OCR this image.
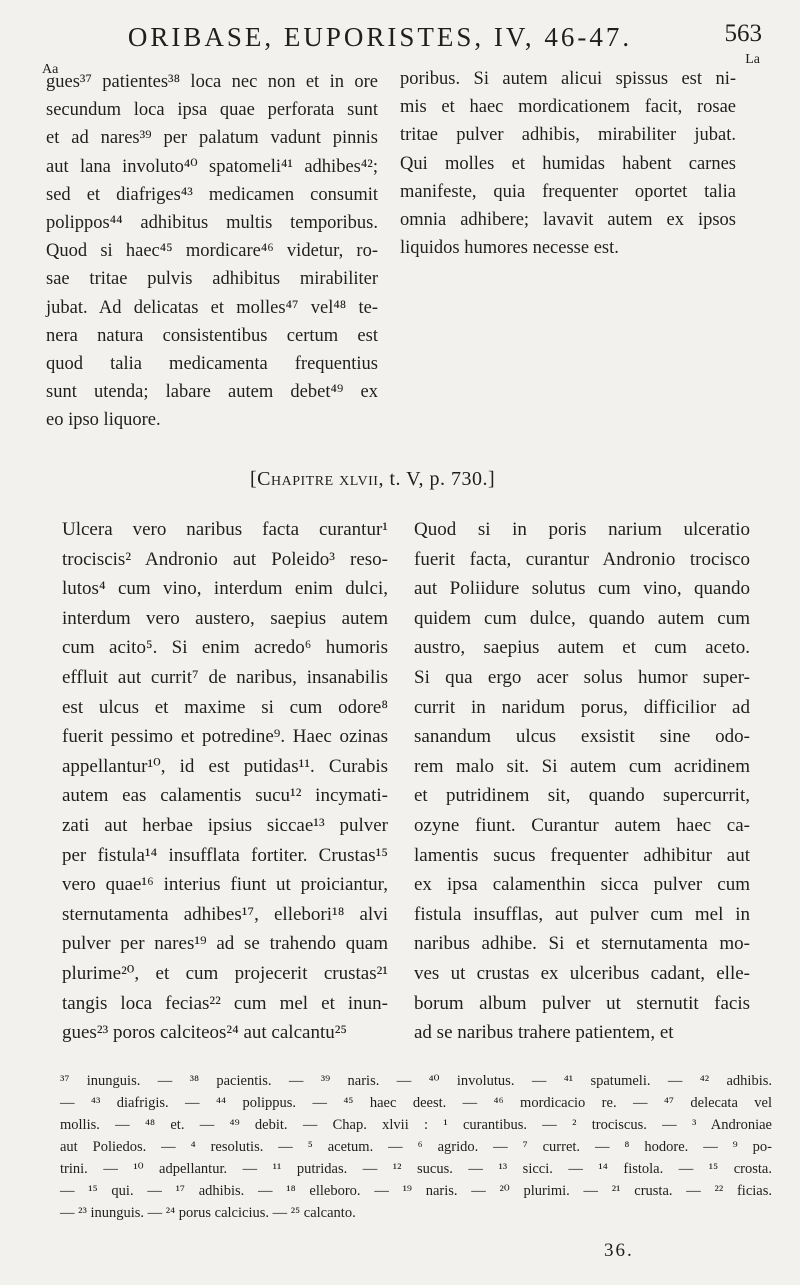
ORIBASE, EUPORISTES, IV, 46-47.	563
Aa
La
gues³⁷ patientes³⁸ loca nec non et in ore
secundum loca ipsa quae perforata sunt
et ad nares³⁹ per palatum vadunt pinnis
aut lana involuto⁴⁰ spatomeli⁴¹ adhibes⁴²;
sed et diafriges⁴³ medicamen consumit
polippos⁴⁴ adhibitus multis temporibus.
Quod si haec⁴⁵ mordicare⁴⁶ videtur, ro-
sae tritae pulvis adhibitus mirabiliter
jubat. Ad delicatas et molles⁴⁷ vel⁴⁸ te-
nera natura consistentibus certum est
quod talia medicamenta frequentius
sunt utenda; labare autem debet⁴⁹ ex
eo ipso liquore.
poribus. Si autem alicui spissus est ni-
mis et haec mordicationem facit, rosae
tritae pulver adhibis, mirabiliter jubat.
Qui molles et humidas habent carnes
manifeste, quia frequenter oportet talia
omnia adhibere; lavavit autem ex ipsos
liquidos humores necesse est.
[Chapitre xlvii, t. V, p. 730.]
Ulcera vero naribus facta curantur¹
trociscis² Andronio aut Poleido³ reso-
lutos⁴ cum vino, interdum enim dulci,
interdum vero austero, saepius autem
cum acito⁵. Si enim acredo⁶ humoris
effluit aut currit⁷ de naribus, insanabilis
est ulcus et maxime si cum odore⁸
fuerit pessimo et potredine⁹. Haec ozinas
appellantur¹⁰, id est putidas¹¹. Curabis
autem eas calamentis sucu¹² incymati-
zati aut herbae ipsius siccae¹³ pulver
per fistula¹⁴ insufflata fortiter. Crustas¹⁵
vero quae¹⁶ interius fiunt ut proiciantur,
sternutamenta adhibes¹⁷, ellebori¹⁸ alvi
pulver per nares¹⁹ ad se trahendo quam
plurime²⁰, et cum projecerit crustas²¹
tangis loca fecias²² cum mel et inun-
gues²³ poros calciteos²⁴ aut calcantu²⁵
Quod si in poris narium ulceratio
fuerit facta, curantur Andronio trocisco
aut Poliidure solutus cum vino, quando
quidem cum dulce, quando autem cum
austro, saepius autem et cum aceto.
Si qua ergo acer solus humor super-
currit in naridum porus, difficilior ad
sanandum ulcus exsistit sine odo-
rem malo sit. Si autem cum acridinem
et putridinem sit, quando supercurrit,
ozyne fiunt. Curantur autem haec ca-
lamentis sucus frequenter adhibitur aut
ex ipsa calamenthin sicca pulver cum
fistula insufflas, aut pulver cum mel in
naribus adhibe. Si et sternutamenta mo-
ves ut crustas ex ulceribus cadant, elle-
borum album pulver ut sternutit facis
ad se naribus trahere patientem, et
³⁷ inunguis. — ³⁸ pacientis. — ³⁹ naris. — ⁴⁰ involutus. — ⁴¹ spatumeli. — ⁴² adhibis.
— ⁴³ diafrigis. — ⁴⁴ polippus. — ⁴⁵ haec deest. — ⁴⁶ mordicacio re. — ⁴⁷ delecata vel
mollis. — ⁴⁸ et. — ⁴⁹ debit. — Chap. xlvii : ¹ curantibus. — ² trociscus. — ³ Androniae
aut Poliedos. — ⁴ resolutis. — ⁵ acetum. — ⁶ agrido. — ⁷ curret. — ⁸ hodore. — ⁹ po-
trini. — ¹⁰ adpellantur. — ¹¹ putridas. — ¹² sucus. — ¹³ sicci. — ¹⁴ fistola. — ¹⁵ crosta.
— ¹⁵ qui. — ¹⁷ adhibis. — ¹⁸ elleboro. — ¹⁹ naris. — ²⁰ plurimi. — ²¹ crusta. — ²² ficias.
— ²³ inunguis. — ²⁴ porus calcicius. — ²⁵ calcanto.
36.
